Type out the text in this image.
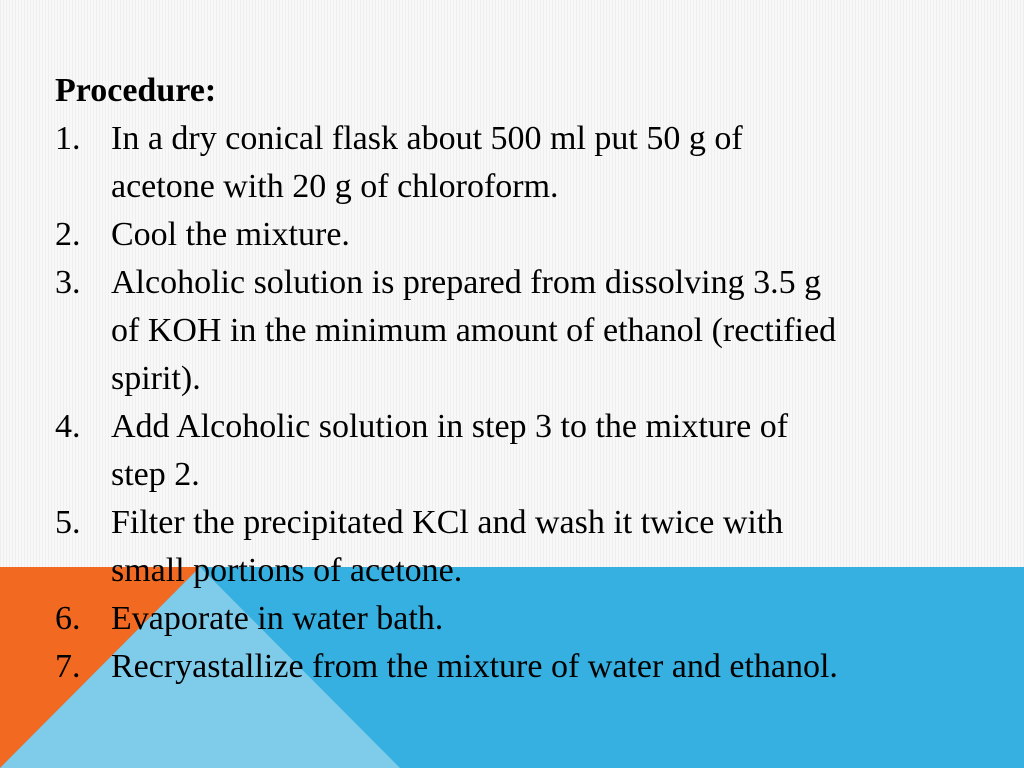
Procedure:
1. In a dry conical flask about 500 ml put 50 g of
acetone with 20 g of chloroform.
2. Cool the mixture.
3. Alcoholic solution is prepared from dissolving 3.5 g
of KOH in the minimum amount of ethanol (rectified
spirit).
4. Add Alcoholic solution in step 3 to the mixture of
step 2.
5. Filter the precipitated KCl and wash it twice with
small portions of acetone.
6. Evaporate in water bath.
7. Recryastallize from the mixture of water and ethanol.
